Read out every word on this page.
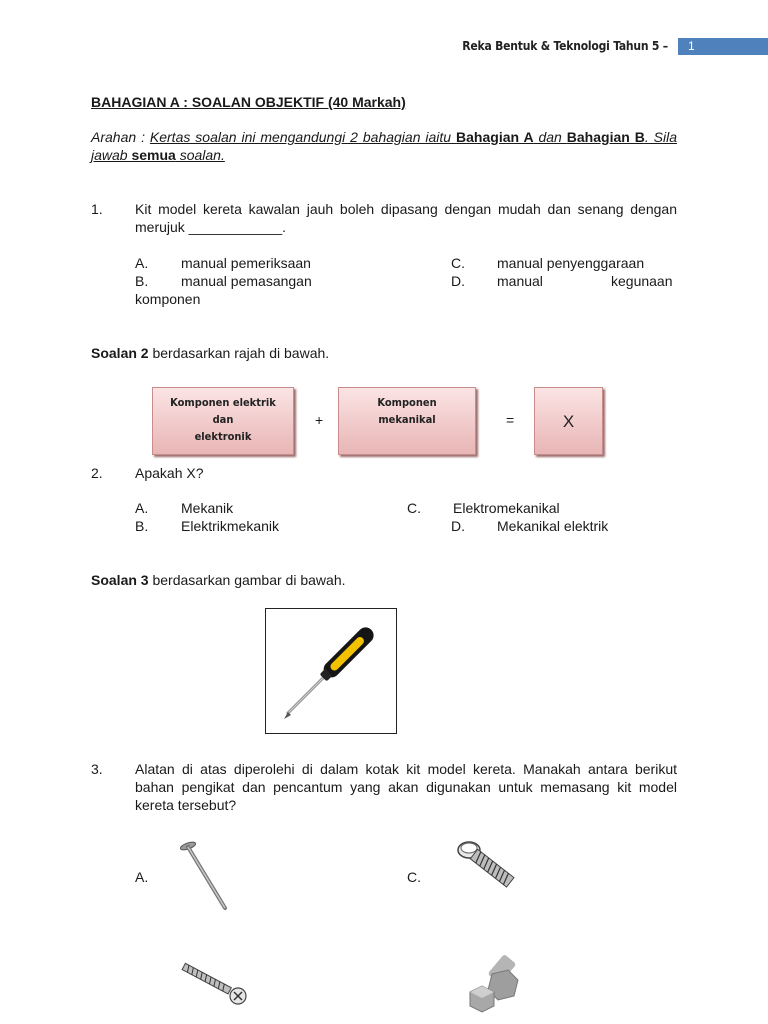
Reka Bentuk & Teknologi Tahun 5 –	1
BAHAGIAN A : SOALAN OBJEKTIF (40 Markah)
Arahan : Kertas soalan ini mengandungi 2 bahagian iaitu Bahagian A dan Bahagian B. Sila jawab semua soalan.
1. Kit model kereta kawalan jauh boleh dipasang dengan mudah dan senang dengan merujuk ____________.
A. manual pemeriksaan
B. manual pemasangan
C. manual penyenggaraan
D. manual	kegunaan
komponen
Soalan 2 berdasarkan rajah di bawah.
Komponen elektrik
dan
elektronik
+
Komponen
mekanikal	=	X
2. Apakah X?
A. Mekanik
B. Elektrikmekanik
C. Elektromekanikal
D. Mekanikal elektrik
Soalan 3 berdasarkan gambar di bawah.
3. Alatan di atas diperolehi di dalam kotak kit model kereta. Manakah antara berikut bahan pengikat dan pencantum yang akan digunakan untuk memasang kit model kereta tersebut?
A.	C.
